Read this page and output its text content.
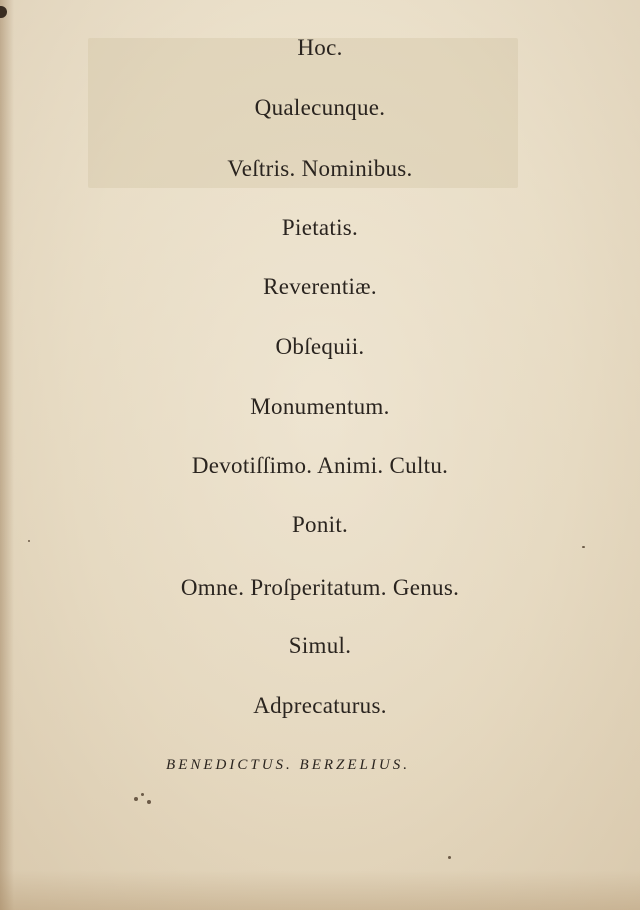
Hoc.
Qualecunque.
Veſtris. Nominibus.
Pietatis.
Reverentiæ.
Obſequii.
Monumentum.
Devotiſſimo. Animi. Cultu.
Ponit.
Omne. Proſperitatum. Genus.
Simul.
Adprecaturus.
BENEDICTUS. BERZELIUS.
